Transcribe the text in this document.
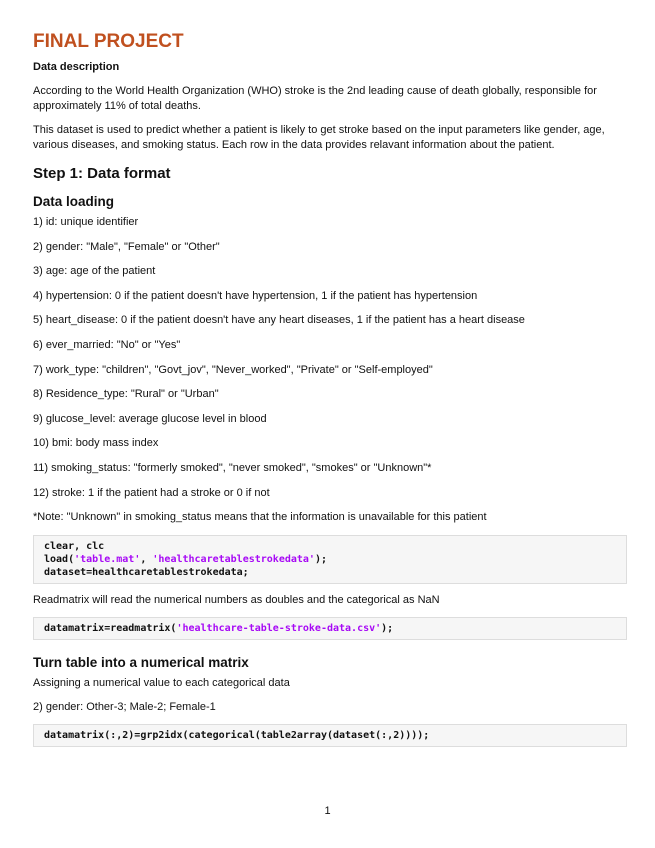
FINAL PROJECT
Data description
According to the World Health Organization (WHO) stroke is the 2nd leading cause of death globally, responsible for approximately 11% of total deaths.
This dataset is used to predict whether a patient is likely to get stroke based on the input parameters like gender, age, various diseases, and smoking status. Each row in the data provides relavant information about the patient.
Step 1: Data format
Data loading
1) id: unique identifier
2) gender: "Male", "Female" or "Other"
3) age: age of the patient
4) hypertension: 0 if the patient doesn't have hypertension, 1 if the patient has hypertension
5) heart_disease: 0 if the patient doesn't have any heart diseases, 1 if the patient has a heart disease
6) ever_married: "No" or "Yes"
7) work_type: "children", "Govt_jov", "Never_worked", "Private" or "Self-employed"
8) Residence_type: "Rural" or "Urban"
9) glucose_level: average glucose level in blood
10) bmi: body mass index
11) smoking_status: "formerly smoked", "never smoked", "smokes" or "Unknown"*
12) stroke: 1 if the patient had a stroke or 0 if not
*Note: "Unknown" in smoking_status means that the information is unavailable for this patient
clear, clc
load('table.mat', 'healthcaretablestrokedata');
dataset=healthcaretablestrokedata;
Readmatrix will read the numerical numbers as doubles and the categorical as NaN
datamatrix=readmatrix('healthcare-table-stroke-data.csv');
Turn table into a numerical matrix
Assigning a numerical value to each categorical data
2) gender: Other-3; Male-2; Female-1
datamatrix(:,2)=grp2idx(categorical(table2array(dataset(:,2))));
1
